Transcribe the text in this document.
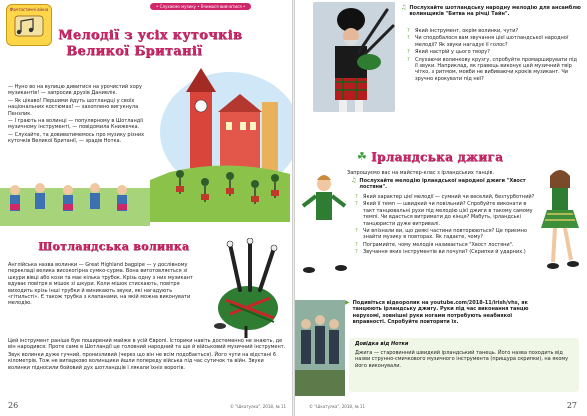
Фантастичні вікна
• Слухаємо музику • Вчимося вивчатися •
Мелодії з усіх куточків
Великої Британії

— Нуно во на вулицю дивитися на урочистий хору музикантів! — запросив друзів Даниелік.

— Як цікаво! Першими йдуть шотландці у своїх національних костюмах! — захоплено вигукнула Пензлик.

— І грають на волинці — популярному в Шотландії музичному інструменті, — повідомила Книжечка.

— Слухайте, та довиватимемось про музику різних куточків Великої Британії, — зрадів Нотка.

Шотландська волинка

Англійська назва волинки — Great Highland bagpipe — у дослівному перекладі велика високогірна сумко-сурма. Вона виготовляється зі шкури вівці або кози та має кілька трубок. Крізь одну з них музикант вдуває повітря в мішок зі шкури. Коли мішок стискають, повітря виходить крізь інші трубки й виникають звуки, які нагадують «гітильсті». Є також трубка з клапанами, на якій можна виконувати мелодію.

Цей інструмент раніше був поширений майже в усій Європі. Історики навіть достеменно не знають, де він народився. Проте саме в Шотландії це головний народний та ще й військовий музичний інструмент.

Звук волинки дуже гучний, пронизливий (через що він не всім подобається). Його чути на відстані 6 кілометрів. Тож не випадково волинщики йшли попереду війська під час сутичок та війн. Звуки волинки підносили бойовий дух шотландців і лякали їхніх ворогів.

26	© "Шкатулка", 2018, № 11
♫ Послухайте шотландську народну мелодію для ансамблю волинщиків "Битва на річці Тайн".
?	Який інструмент, окрім волинки, чути?
?	Чи сподобалося вам звучання цієї шотландської народної мелодії? Як звуки нагадує її голос?
?	Який настрій у цього твору?
?	Слухаючи волинкову крузгу, спробуйте промарширувати під її звуки. Наприклад, як гравець виконує цей музичний твір чітко, з ритмом, мовби не вибиваючи кроків музикант. Чи зручно крокувати під неї?
Ірландська джига
☘
Запрошуємо вас на майстер-клас з ірландських танців.
♫ Послухайте мелодію ірландської народної джиги "Хвост лостяни".
?	Який характер цієї мелодії — сумний чи веселий, безтурботний?
?	Який її темп — швидкий чи повільний? Спробуйте виконати в такт танцювальні рухи під мелодію цієї джиги в такому самому темпі. Чи вдасться витримати до кінця? Мабуть, ірландські танцюристи дуже витривалі.
?	Чи впізнали ви, що деякі частини повторюються? Це приємно знайти музику в повторах. Як гадаєте, чому?
?	Пограмийте, чому мелодія називається "Хвост лостяни".
?	Звучання яких інструментів ви почули? (Скрипки й ударних.)
▶ Подивіться відеоролик на youtube.com/2018-11/irish/vhs, як танцюють ірландську джигу. Руки під час виконання танцю нерухомі, зовнішні руки ногами потребують неабиякої вправності. Спробуйте повторити їх.
Довідка від Нотки
Джига — старовинний швидкий ірландський танець. Його назва походить від назви струнно-смичкового музичного інструмента (прищура скрипки), на якому його виконували.
© "Шкатулка", 2018, № 11	27
